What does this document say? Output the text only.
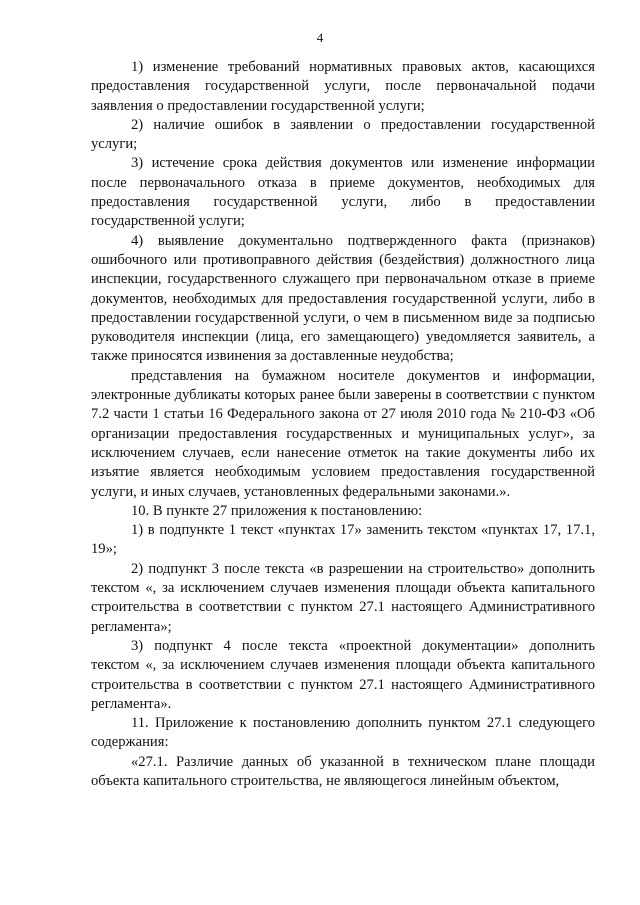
4

1) изменение требований нормативных правовых актов, касающихся предоставления государственной услуги, после первоначальной подачи заявления о предоставлении государственной услуги;

2) наличие ошибок в заявлении о предоставлении государственной услуги;

3) истечение срока действия документов или изменение информации после первоначального отказа в приеме документов, необходимых для предоставления государственной услуги, либо в предоставлении государственной услуги;

4) выявление документально подтвержденного факта (признаков) ошибочного или противоправного действия (бездействия) должностного лица инспекции, государственного служащего при первоначальном отказе в приеме документов, необходимых для предоставления государственной услуги, либо в предоставлении государственной услуги, о чем в письменном виде за подписью руководителя инспекции (лица, его замещающего) уведомляется заявитель, а также приносятся извинения за доставленные неудобства;

представления на бумажном носителе документов и информации, электронные дубликаты которых ранее были заверены в соответствии с пунктом 7.2 части 1 статьи 16 Федерального закона от 27 июля 2010 года № 210-ФЗ «Об организации предоставления государственных и муниципальных услуг», за исключением случаев, если нанесение отметок на такие документы либо их изъятие является необходимым условием предоставления государственной услуги, и иных случаев, установленных федеральными законами.».

10. В пункте 27 приложения к постановлению:

1) в подпункте 1 текст «пунктах 17» заменить текстом «пунктах 17, 17.1, 19»;

2) подпункт 3 после текста «в разрешении на строительство» дополнить текстом «, за исключением случаев изменения площади объекта капитального строительства в соответствии с пунктом 27.1 настоящего Административного регламента»;

3) подпункт 4 после текста «проектной документации» дополнить текстом «, за исключением случаев изменения площади объекта капитального строительства в соответствии с пунктом 27.1 настоящего Административного регламента».

11. Приложение к постановлению дополнить пунктом 27.1 следующего содержания:

«27.1. Различие данных об указанной в техническом плане площади объекта капитального строительства, не являющегося линейным объектом,
